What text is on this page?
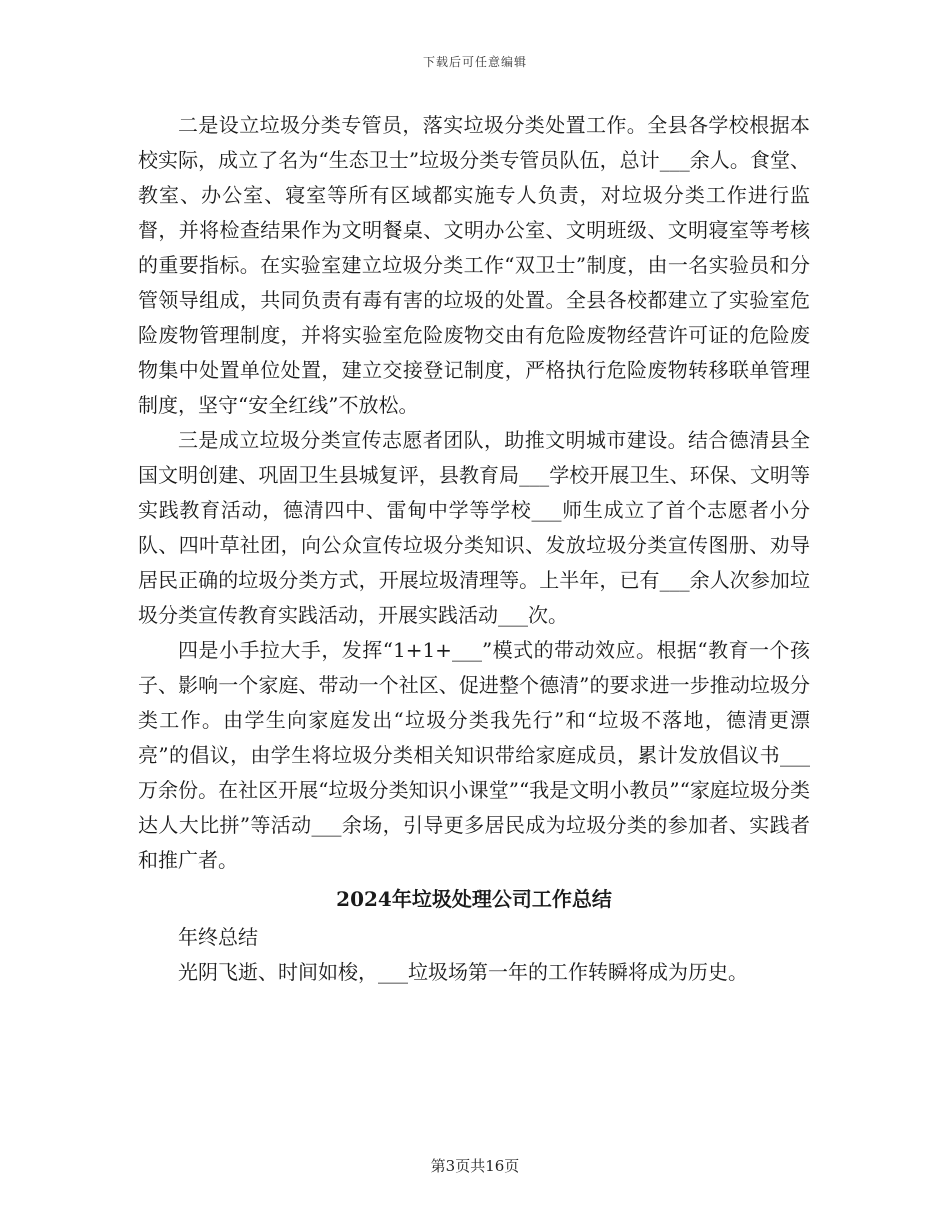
下载后可任意编辑

二是设立垃圾分类专管员，落实垃圾分类处置工作。全县各学校根据本校实际，成立了名为“生态卫士”垃圾分类专管员队伍，总计___余人。食堂、教室、办公室、寝室等所有区域都实施专人负责，对垃圾分类工作进行监督，并将检查结果作为文明餐桌、文明办公室、文明班级、文明寝室等考核的重要指标。在实验室建立垃圾分类工作“双卫士”制度，由一名实验员和分管领导组成，共同负责有毒有害的垃圾的处置。全县各校都建立了实验室危险废物管理制度，并将实验室危险废物交由有危险废物经营许可证的危险废物集中处置单位处置，建立交接登记制度，严格执行危险废物转移联单管理制度，坚守“安全红线”不放松。

三是成立垃圾分类宣传志愿者团队，助推文明城市建设。结合德清县全国文明创建、巩固卫生县城复评，县教育局___学校开展卫生、环保、文明等实践教育活动，德清四中、雷甸中学等学校___师生成立了首个志愿者小分队、四叶草社团，向公众宣传垃圾分类知识、发放垃圾分类宣传图册、劝导居民正确的垃圾分类方式，开展垃圾清理等。上半年，已有___余人次参加垃圾分类宣传教育实践活动，开展实践活动___次。

四是小手拉大手，发挥“1+1+___”模式的带动效应。根据“教育一个孩子、影响一个家庭、带动一个社区、促进整个德清”的要求进一步推动垃圾分类工作。由学生向家庭发出“垃圾分类我先行”和“垃圾不落地，德清更漂亮”的倡议，由学生将垃圾分类相关知识带给家庭成员，累计发放倡议书___万余份。在社区开展“垃圾分类知识小课堂”“我是文明小教员”“家庭垃圾分类达人大比拼”等活动___余场，引导更多居民成为垃圾分类的参加者、实践者和推广者。

2024年垃圾处理公司工作总结

年终总结

光阴飞逝、时间如梭，___垃圾场第一年的工作转瞬将成为历史。

第3页共16页
